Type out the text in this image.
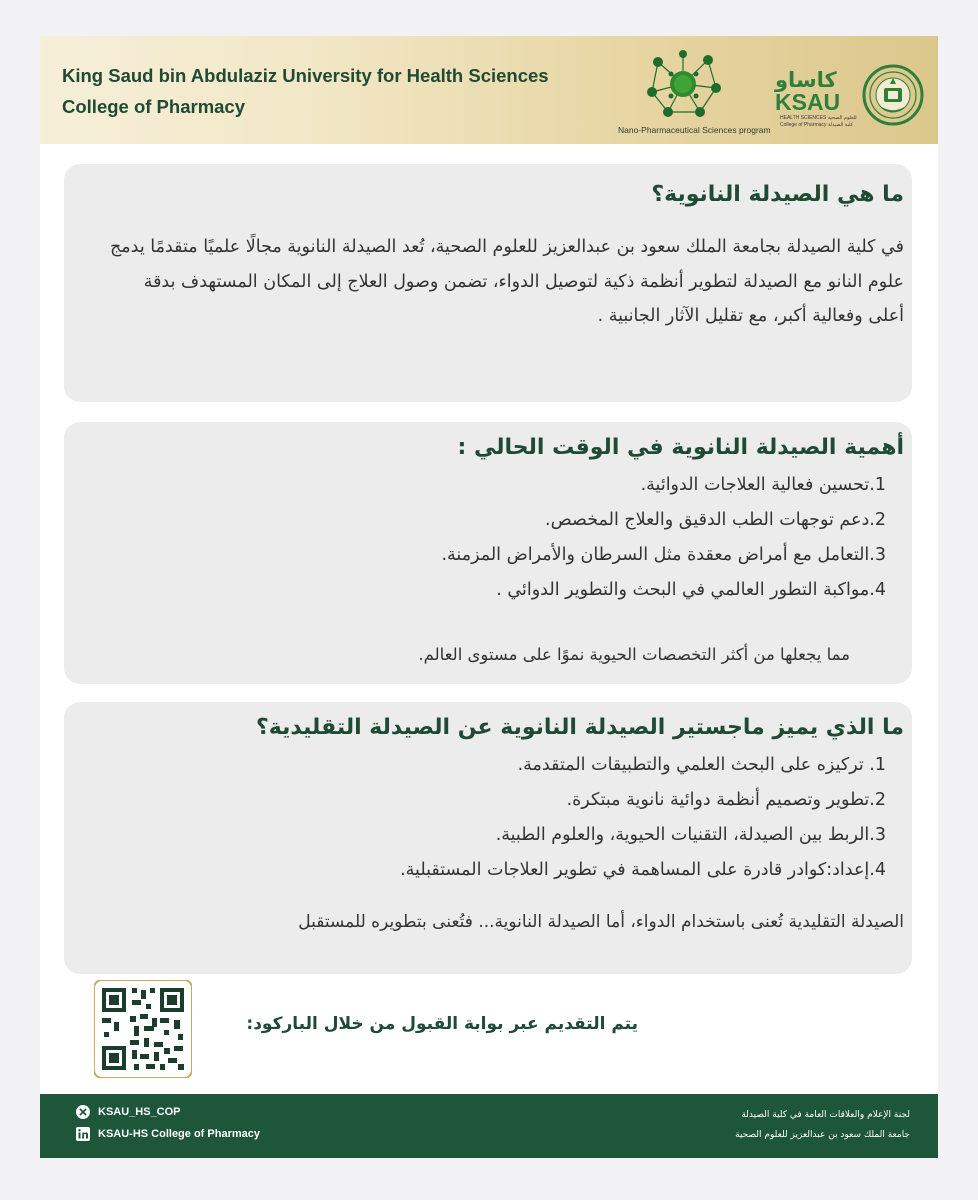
King Saud bin Abdulaziz University for Health Sciences
College of Pharmacy
Nano-Pharmaceutical Sciences program
كاساو
KSAU
HEALTH SCIENCES للعلوم الصحية
College of Pharmacy كلية الصيدلة
ما هي الصيدلة النانوية؟
في كلية الصيدلة بجامعة الملك سعود بن عبدالعزيز للعلوم الصحية، تُعد الصيدلة النانوية مجالًا علميًا متقدمًا يدمج علوم النانو مع الصيدلة لتطوير أنظمة ذكية لتوصيل الدواء، تضمن وصول العلاج إلى المكان المستهدف بدقة أعلى وفعالية أكبر، مع تقليل الآثار الجانبية .
أهمية الصيدلة النانوية في الوقت الحالي :
1.تحسين فعالية العلاجات الدوائية.
2.دعم توجهات الطب الدقيق والعلاج المخصص.
3.التعامل مع أمراض معقدة مثل السرطان والأمراض المزمنة.
4.مواكبة التطور العالمي في البحث والتطوير الدوائي .
مما يجعلها من أكثر التخصصات الحيوية نموًا على مستوى العالم.
ما الذي يميز ماجستير الصيدلة النانوية عن الصيدلة التقليدية؟
1. تركيزه على البحث العلمي والتطبيقات المتقدمة.
2.تطوير وتصميم أنظمة دوائية نانوية مبتكرة.
3.الربط بين الصيدلة، التقنيات الحيوية، والعلوم الطبية.
4.إعداد:كوادر قادرة على المساهمة في تطوير العلاجات المستقبلية.
الصيدلة التقليدية تُعنى باستخدام الدواء، أما الصيدلة النانوية... فتُعنى بتطويره للمستقبل
يتم التقديم عبر بوابة القبول من خلال الباركود:
KSAU_HS_COP
KSAU-HS College of Pharmacy
لجنة الإعلام والعلاقات العامة في كلية الصيدلة
جامعة الملك سعود بن عبدالعزيز للعلوم الصحية
